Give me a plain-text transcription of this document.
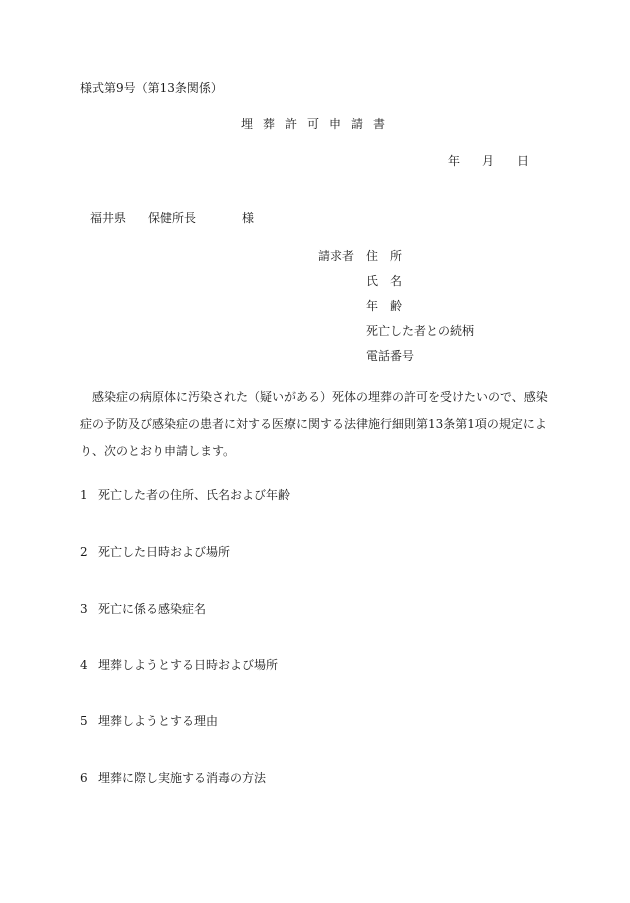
様式第9号（第13条関係）
埋葬許可申請書
年 月 日
福井県 保健所長	様
請求者 住　所
氏　名
年　齢
死亡した者との続柄
電話番号
感染症の病原体に汚染された（疑いがある）死体の埋葬の許可を受けたいので、感染症の予防及び感染症の患者に対する医療に関する法律施行細則第13条第1項の規定により、次のとおり申請します。
1 死亡した者の住所、氏名および年齢
2 死亡した日時および場所
3 死亡に係る感染症名
4 埋葬しようとする日時および場所
5 埋葬しようとする理由
6 埋葬に際し実施する消毒の方法
